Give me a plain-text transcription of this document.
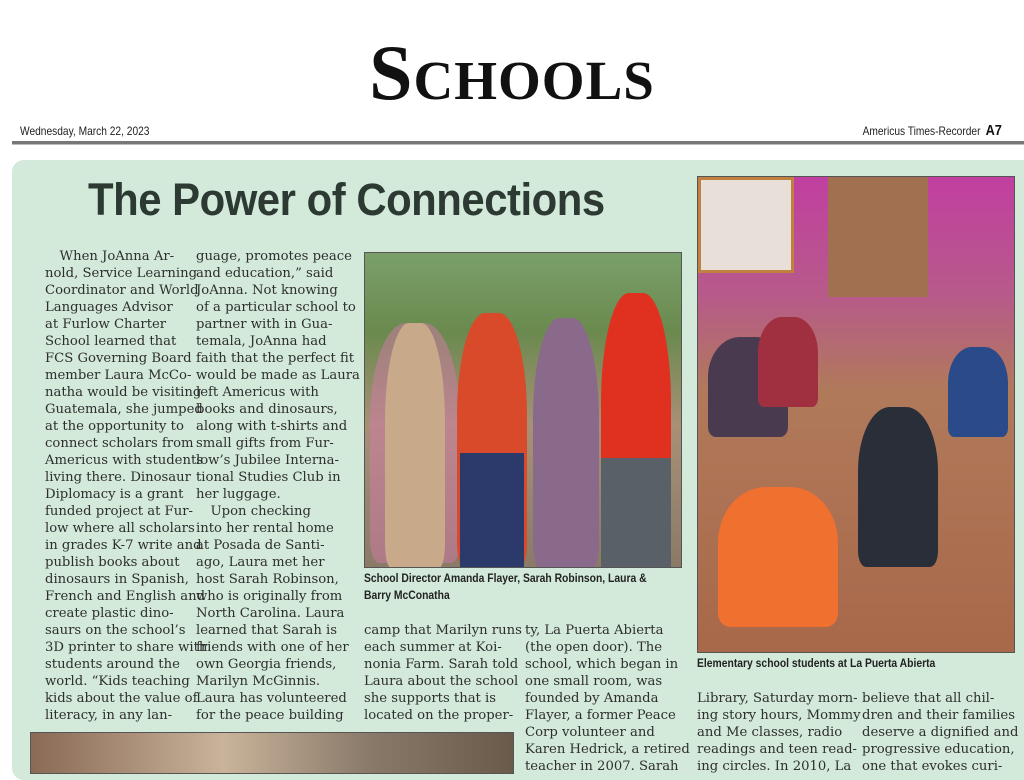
Schools
Wednesday, March 22, 2023	Americus Times-Recorder A7
The Power of Connections
When JoAnna Ar-
nold, Service Learning
Coordinator and World
Languages Advisor
at Furlow Charter
School learned that
FCS Governing Board
member Laura McCo-
natha would be visiting
Guatemala, she jumped
at the opportunity to
connect scholars from
Americus with students
living there. Dinosaur
Diplomacy is a grant
funded project at Fur-
low where all scholars
in grades K-7 write and
publish books about
dinosaurs in Spanish,
French and English and
create plastic dino-
saurs on the school’s
3D printer to share with
students around the
world. “Kids teaching
kids about the value of
literacy, in any lan-
guage, promotes peace
and education,” said
JoAnna. Not knowing
of a particular school to
partner with in Gua-
temala, JoAnna had
faith that the perfect fit
would be made as Laura
left Americus with
books and dinosaurs,
along with t-shirts and
small gifts from Fur-
low’s Jubilee Interna-
tional Studies Club in
her luggage.
Upon checking
into her rental home
at Posada de Santi-
ago, Laura met her
host Sarah Robinson,
who is originally from
North Carolina. Laura
learned that Sarah is
friends with one of her
own Georgia friends,
Marilyn McGinnis.
Laura has volunteered
for the peace building
camp that Marilyn runs
each summer at Koi-
nonia Farm. Sarah told
Laura about the school
she supports that is
located on the proper-
ty, La Puerta Abierta
(the open door). The
school, which began in
one small room, was
founded by Amanda
Flayer, a former Peace
Corp volunteer and
Karen Hedrick, a retired
teacher in 2007. Sarah
Library, Saturday morn-
ing story hours, Mommy
and Me classes, radio
readings and teen read-
ing circles. In 2010, La
believe that all chil-
dren and their families
deserve a dignified and
progressive education,
one that evokes curi-
School Director Amanda Flayer, Sarah Robinson, Laura & Barry McConatha
Elementary school students at La Puerta Abierta
